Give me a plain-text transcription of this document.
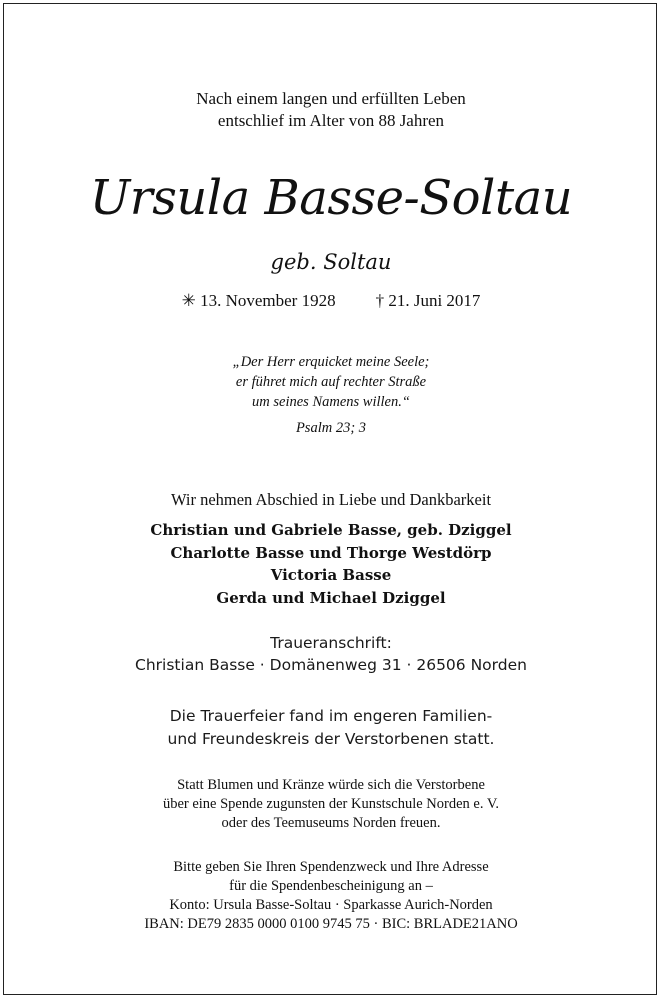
Nach einem langen und erfüllten Leben
entschlief im Alter von 88 Jahren
Ursula Basse-Soltau
geb. Soltau
✳ 13. November 1928 † 21. Juni 2017
„Der Herr erquicket meine Seele;
er führet mich auf rechter Straße
um seines Namens willen.“
Psalm 23; 3
Wir nehmen Abschied in Liebe und Dankbarkeit
Christian und Gabriele Basse, geb. Dziggel
Charlotte Basse und Thorge Westdörp
Victoria Basse
Gerda und Michael Dziggel
Traueranschrift:
Christian Basse · Domänenweg 31 · 26506 Norden
Die Trauerfeier fand im engeren Familien-
und Freundeskreis der Verstorbenen statt.
Statt Blumen und Kränze würde sich die Verstorbene
über eine Spende zugunsten der Kunstschule Norden e. V.
oder des Teemuseums Norden freuen.
Bitte geben Sie Ihren Spendenzweck und Ihre Adresse
für die Spendenbescheinigung an –
Konto: Ursula Basse-Soltau · Sparkasse Aurich-Norden
IBAN: DE79 2835 0000 0100 9745 75 · BIC: BRLADE21ANO
